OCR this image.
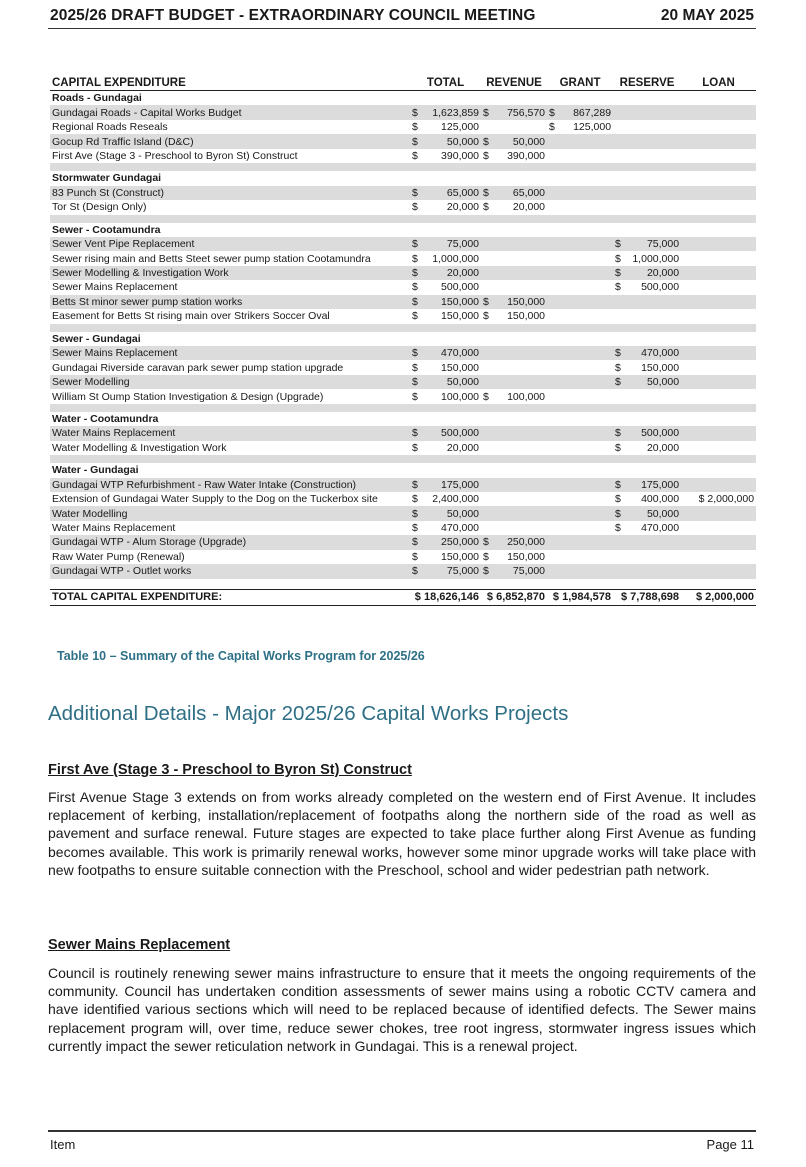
2025/26 DRAFT BUDGET - EXTRAORDINARY COUNCIL MEETING	20 MAY 2025
CAPITAL EXPENDITURE	TOTAL		REVENUE		GRANT		RESERVE		LOAN
Roads - Gundagai									
Gundagai Roads - Capital Works Budget	$	1,623,859	$	756,570	$	867,289			
Regional Roads Reseals	$	125,000			$	125,000			
Gocup Rd Traffic Island (D&C)	$	50,000	$	50,000					
First Ave (Stage 3 - Preschool to Byron St) Construct	$	390,000	$	390,000					

Stormwater Gundagai									
83 Punch St (Construct)	$	65,000	$	65,000					
Tor St (Design Only)	$	20,000	$	20,000					

Sewer - Cootamundra									
Sewer Vent Pipe Replacement	$	75,000					$	75,000	
Sewer rising main and Betts Steet sewer pump station Cootamundra	$	1,000,000					$	1,000,000	
Sewer Modelling & Investigation Work	$	20,000					$	20,000	
Sewer Mains Replacement	$	500,000					$	500,000	
Betts St minor sewer pump station works	$	150,000	$	150,000					
Easement for Betts St rising main over Strikers Soccer Oval	$	150,000	$	150,000					

Sewer - Gundagai									
Sewer Mains Replacement	$	470,000					$	470,000	
Gundagai Riverside caravan park sewer pump station upgrade	$	150,000					$	150,000	
Sewer Modelling	$	50,000					$	50,000	
William St Oump Station Investigation & Design (Upgrade)	$	100,000	$	100,000					

Water - Cootamundra									
Water Mains Replacement	$	500,000					$	500,000	
Water Modelling & Investigation Work	$	20,000					$	20,000	

Water - Gundagai									
Gundagai WTP Refurbishment - Raw Water Intake (Construction)	$	175,000					$	175,000	
Extension of Gundagai Water Supply to the Dog on the Tuckerbox site	$	2,400,000					$	400,000	$ 2,000,000
Water Modelling	$	50,000					$	50,000	
Water Mains Replacement	$	470,000					$	470,000	
Gundagai WTP - Alum Storage (Upgrade)	$	250,000	$	250,000					
Raw Water Pump (Renewal)	$	150,000	$	150,000					
Gundagai WTP - Outlet works	$	75,000	$	75,000					

TOTAL CAPITAL EXPENDITURE:	$ 18,626,146		$ 6,852,870		$ 1,984,578		$ 7,788,698		$ 2,000,000
Table 10 – Summary of the Capital Works Program for 2025/26
Additional Details - Major 2025/26 Capital Works Projects
First Ave (Stage 3 - Preschool to Byron St) Construct
First Avenue Stage 3 extends on from works already completed on the western end of First Avenue. It includes replacement of kerbing, installation/replacement of footpaths along the northern side of the road as well as pavement and surface renewal. Future stages are expected to take place further along First Avenue as funding becomes available. This work is primarily renewal works, however some minor upgrade works will take place with new footpaths to ensure suitable connection with the Preschool, school and wider pedestrian path network.
Sewer Mains Replacement
Council is routinely renewing sewer mains infrastructure to ensure that it meets the ongoing requirements of the community. Council has undertaken condition assessments of sewer mains using a robotic CCTV camera and have identified various sections which will need to be replaced because of identified defects. The Sewer mains replacement program will, over time, reduce sewer chokes, tree root ingress, stormwater ingress issues which currently impact the sewer reticulation network in Gundagai. This is a renewal project.
Item	Page 11
